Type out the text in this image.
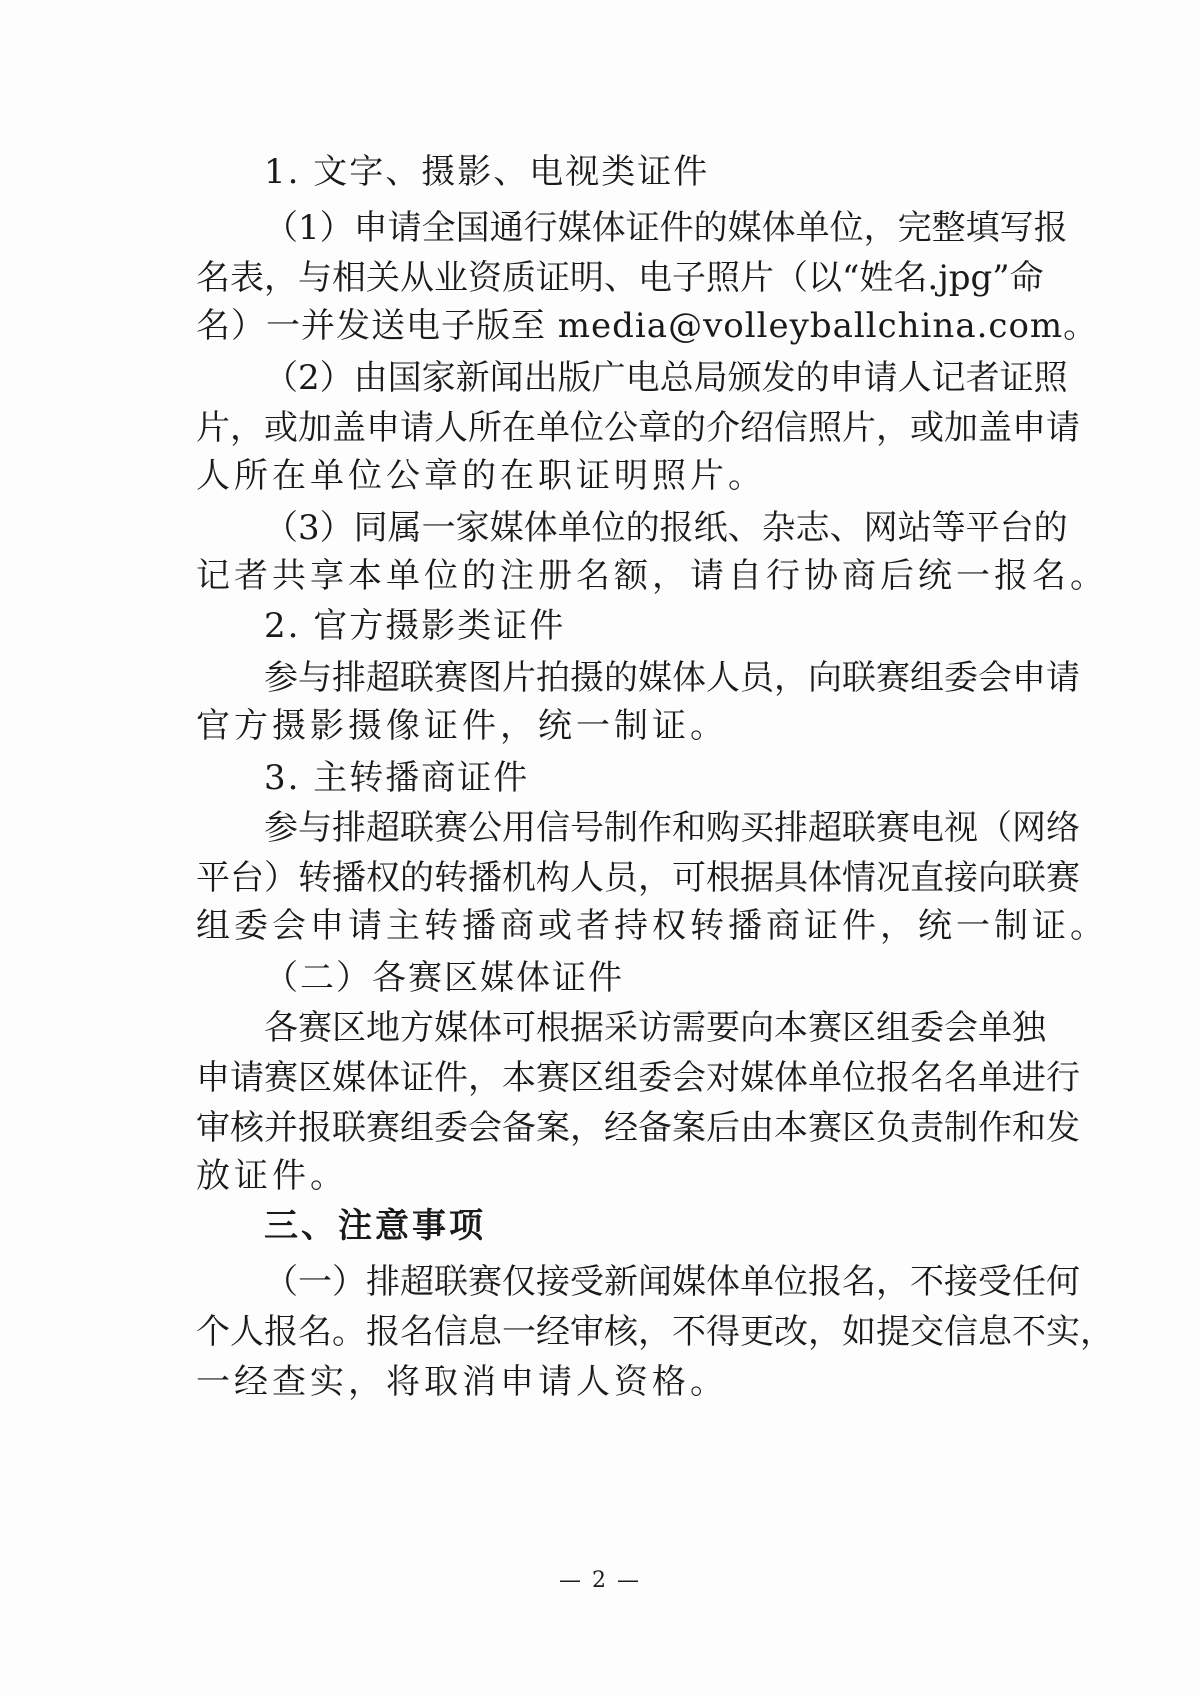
1. 文字、摄影、电视类证件
（1）申请全国通行媒体证件的媒体单位，完整填写报
名表，与相关从业资质证明、电子照片（以“姓名.jpg”命
名）一并发送电子版至 media@volleyballchina.com。
（2）由国家新闻出版广电总局颁发的申请人记者证照
片，或加盖申请人所在单位公章的介绍信照片，或加盖申请
人所在单位公章的在职证明照片。
（3）同属一家媒体单位的报纸、杂志、网站等平台的
记者共享本单位的注册名额，请自行协商后统一报名。
2. 官方摄影类证件
参与排超联赛图片拍摄的媒体人员，向联赛组委会申请
官方摄影摄像证件，统一制证。
3. 主转播商证件
参与排超联赛公用信号制作和购买排超联赛电视（网络
平台）转播权的转播机构人员，可根据具体情况直接向联赛
组委会申请主转播商或者持权转播商证件，统一制证。
（二）各赛区媒体证件
各赛区地方媒体可根据采访需要向本赛区组委会单独
申请赛区媒体证件，本赛区组委会对媒体单位报名名单进行
审核并报联赛组委会备案，经备案后由本赛区负责制作和发
放证件。
三、注意事项
（一）排超联赛仅接受新闻媒体单位报名，不接受任何
个人报名。报名信息一经审核，不得更改，如提交信息不实，
一经查实，将取消申请人资格。
— 2 —
